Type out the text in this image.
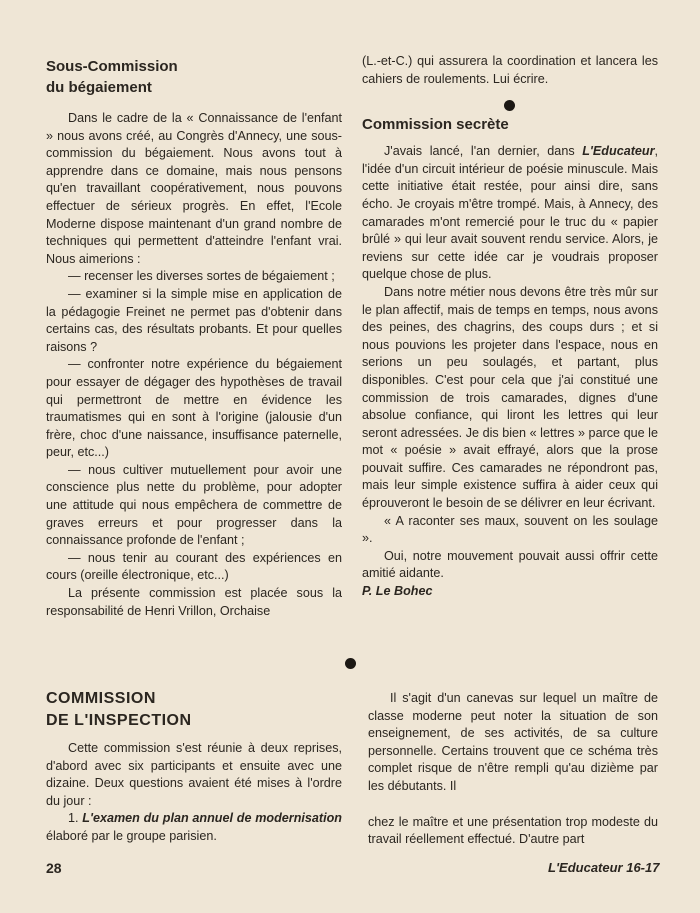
Sous-Commission

du bégaiement

Dans le cadre de la « Connaissance de l'enfant » nous avons créé, au Congrès d'Annecy, une sous-commission du bégaiement. Nous avons tout à apprendre dans ce domaine, mais nous pensons qu'en travaillant coopérativement, nous pouvons effectuer de sérieux progrès. En effet, l'Ecole Moderne dispose maintenant d'un grand nombre de techniques qui permettent d'atteindre l'enfant vrai. Nous aimerions :

— recenser les diverses sortes de bégaiement ;

— examiner si la simple mise en application de la pédagogie Freinet ne permet pas d'obtenir dans certains cas, des résultats probants. Et pour quelles raisons ?

— confronter notre expérience du bégaiement pour essayer de dégager des hypothèses de travail qui permettront de mettre en évidence les traumatismes qui en sont à l'origine (jalousie d'un frère, choc d'une naissance, insuffisance paternelle, peur, etc...)

— nous cultiver mutuellement pour avoir une conscience plus nette du problème, pour adopter une attitude qui nous empêchera de commettre de graves erreurs et pour progresser dans la connaissance profonde de l'enfant ;

— nous tenir au courant des expériences en cours (oreille électronique, etc...)

La présente commission est placée sous la responsabilité de Henri Vrillon, Orchaise

(L.-et-C.) qui assurera la coordination et lancera les cahiers de roulements. Lui écrire.

Commission secrète

J'avais lancé, l'an dernier, dans L'Educateur, l'idée d'un circuit intérieur de poésie minuscule. Mais cette initiative était restée, pour ainsi dire, sans écho. Je croyais m'être trompé. Mais, à Annecy, des camarades m'ont remercié pour le truc du « papier brûlé » qui leur avait souvent rendu service. Alors, je reviens sur cette idée car je voudrais proposer quelque chose de plus.

Dans notre métier nous devons être très mûr sur le plan affectif, mais de temps en temps, nous avons des peines, des chagrins, des coups durs ; et si nous pouvions les projeter dans l'espace, nous en serions un peu soulagés, et partant, plus disponibles. C'est pour cela que j'ai constitué une commission de trois camarades, dignes d'une absolue confiance, qui liront les lettres qui leur seront adressées. Je dis bien « lettres » parce que le mot « poésie » avait effrayé, alors que la prose pouvait suffire. Ces camarades ne répondront pas, mais leur simple existence suffira à aider ceux qui éprouveront le besoin de se délivrer en leur écrivant.

« A raconter ses maux, souvent on les soulage ».

Oui, notre mouvement pouvait aussi offrir cette amitié aidante.

P. Le Bohec

COMMISSION

DE L'INSPECTION

Cette commission s'est réunie à deux reprises, d'abord avec six participants et ensuite avec une dizaine. Deux questions avaient été mises à l'ordre du jour :

1. L'examen du plan annuel de modernisation élaboré par le groupe parisien.

Il s'agit d'un canevas sur lequel un maître de classe moderne peut noter la situation de son enseignement, de ses activités, de sa culture personnelle. Certains trouvent que ce schéma très complet risque de n'être rempli qu'au dizième par les débutants. Il

chez le maître et une présentation trop modeste du travail réellement effectué. D'autre part

28	L'Educateur 16-17
